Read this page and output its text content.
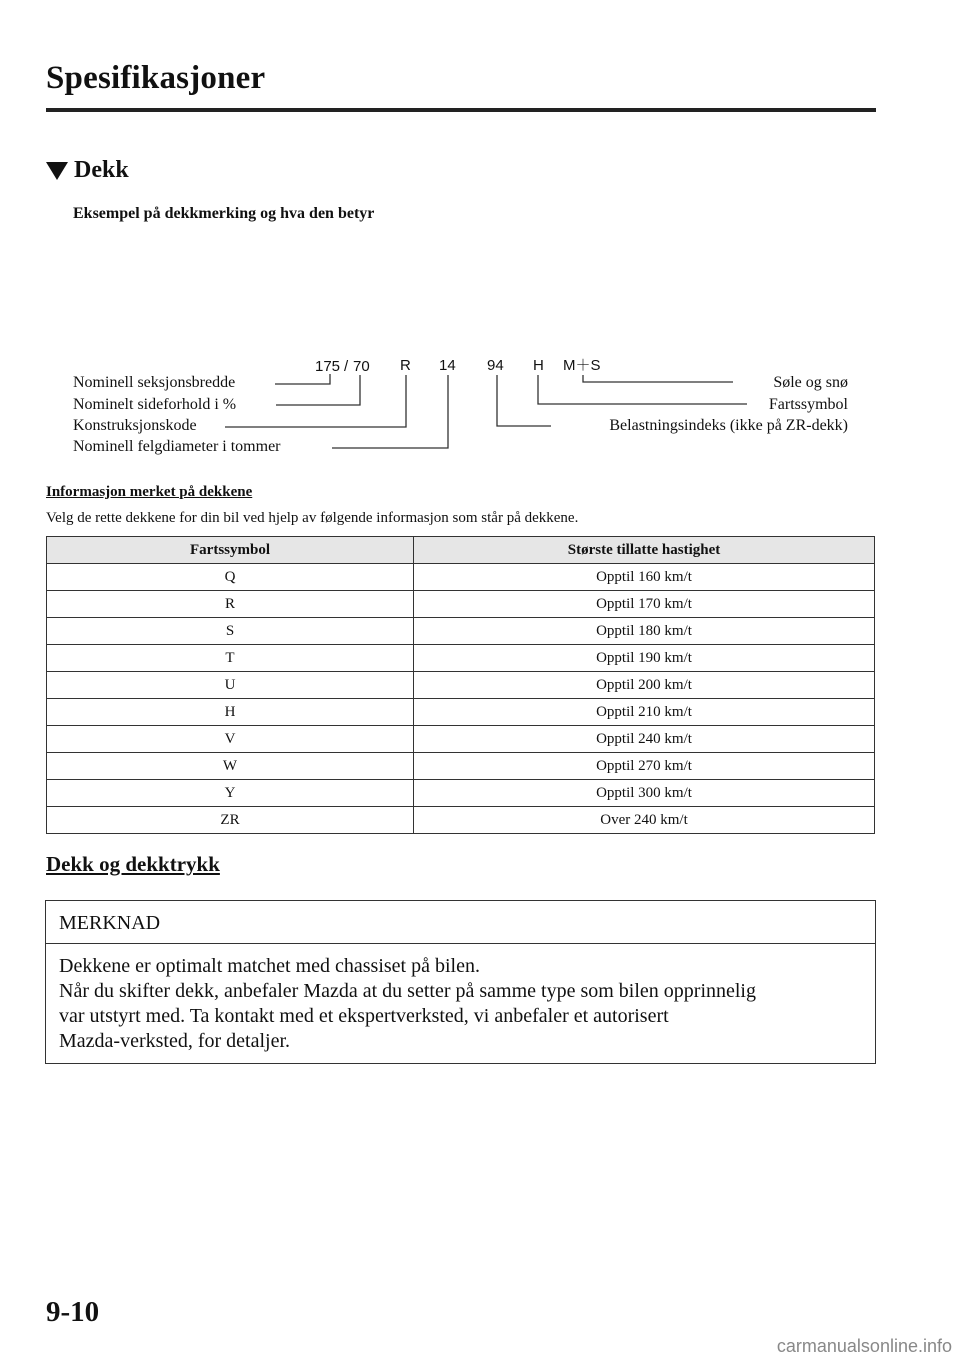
Spesifikasjoner
Dekk
Eksempel på dekkmerking og hva den betyr
175 / 70 R 14 94 H M＋S
Nominell seksjonsbredde
Nominelt sideforhold i %
Konstruksjonskode
Nominell felgdiameter i tommer
Søle og snø
Fartssymbol
Belastningsindeks (ikke på ZR-dekk)
Informasjon merket på dekkene
Velg de rette dekkene for din bil ved hjelp av følgende informasjon som står på dekkene.
Fartssymbol	Største tillatte hastighet
Q	Opptil 160 km/t
R	Opptil 170 km/t
S	Opptil 180 km/t
T	Opptil 190 km/t
U	Opptil 200 km/t
H	Opptil 210 km/t
V	Opptil 240 km/t
W	Opptil 270 km/t
Y	Opptil 300 km/t
ZR	Over 240 km/t
Dekk og dekktrykk
MERKNAD
Dekkene er optimalt matchet med chassiset på bilen.
Når du skifter dekk, anbefaler Mazda at du setter på samme type som bilen opprinnelig
var utstyrt med. Ta kontakt med et ekspertverksted, vi anbefaler et autorisert
Mazda-verksted, for detaljer.
9-10
carmanualsonline.info
